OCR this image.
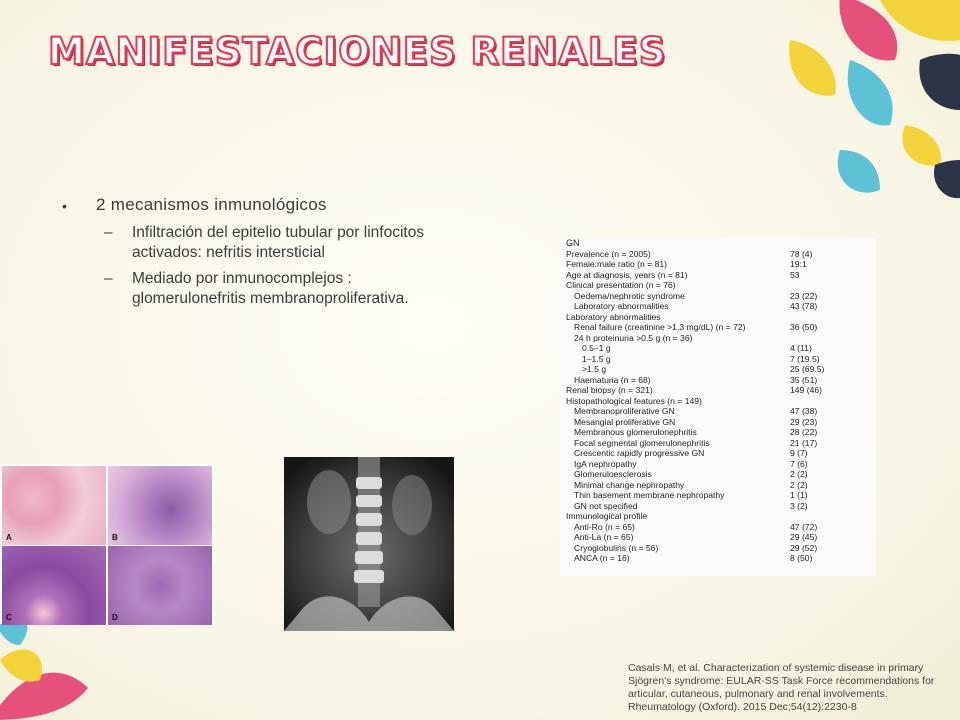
MANIFESTACIONES RENALES
•	2 mecanismos inmunológicos
–	Infiltración del epitelio tubular por linfocitos activados: nefritis intersticial
–	Mediado por inmunocomplejos : glomerulonefritis membranoproliferativa.
GN
Prevalence (n = 2005)	78 (4)
Female:male ratio (n = 81)	19:1
Age at diagnosis, years (n = 81)	53
Clinical presentation (n = 76)
Oedema/nephrotic syndrome	23 (22)
Laboratory abnormalities	43 (78)
Laboratory abnormalities
Renal failure (creatinine >1.3 mg/dL) (n = 72)	36 (50)
24 h proteinuria >0.5 g (n = 36)
0.5–1 g	4 (11)
1–1.5 g	7 (19.5)
>1.5 g	25 (69.5)
Haematuria (n = 68)	35 (51)
Renal biopsy (n = 321)	149 (46)
Histopathological features (n = 149)
Membranoproliferative GN	47 (38)
Mesangial proliferative GN	29 (23)
Membranous glomerulonephritis	28 (22)
Focal segmental glomerulonephritis	21 (17)
Crescentic rapidly progressive GN	9 (7)
IgA nephropathy	7 (6)
Glomeruloesclerosis	2 (2)
Minimal change nephropathy	2 (2)
Thin basement membrane nephropathy	1 (1)
GN not specified	3 (2)
Immunological profile
Anti-Ro (n = 65)	47 (72)
Anti-La (n = 65)	29 (45)
Cryoglobulins (n = 56)	29 (52)
ANCA (n = 16)	8 (50)
A	B
C	D
Casals M, et al. Characterization of systemic disease in primary Sjögren's syndrome: EULAR-SS Task Force recommendations for articular, cutaneous, pulmonary and renal involvements. Rheumatology (Oxford). 2015 Dec;54(12):2230-8
